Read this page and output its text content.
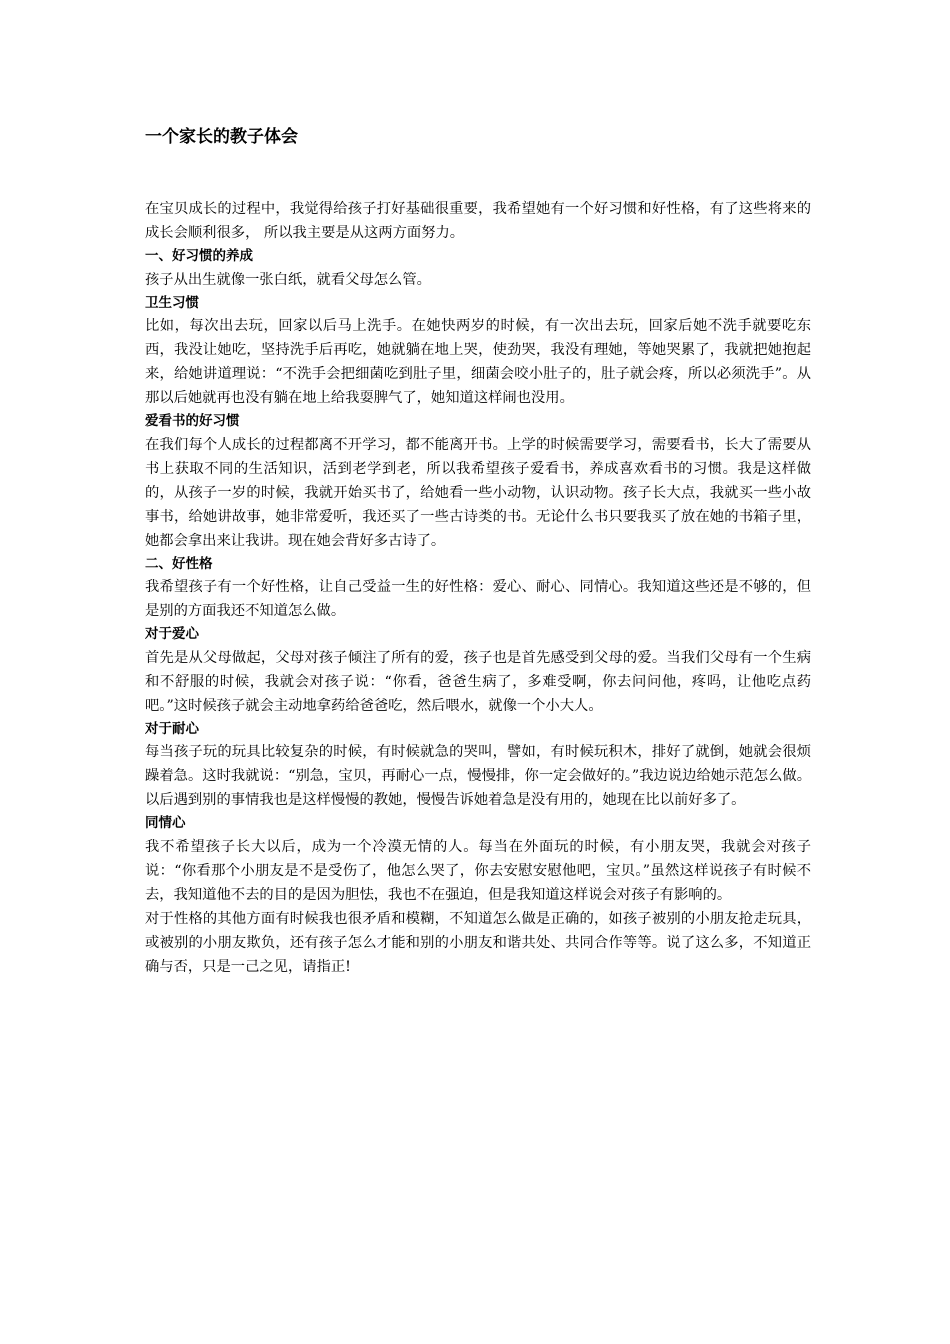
一个家长的教子体会

在宝贝成长的过程中，我觉得给孩子打好基础很重要，我希望她有一个好习惯和好性格，有了这些将来的成长会顺利很多， 所以我主要是从这两方面努力。

一、好习惯的养成

孩子从出生就像一张白纸，就看父母怎么管。

卫生习惯

比如，每次出去玩，回家以后马上洗手。在她快两岁的时候，有一次出去玩，回家后她不洗手就要吃东西，我没让她吃，坚持洗手后再吃，她就躺在地上哭，使劲哭，我没有理她，等她哭累了，我就把她抱起来，给她讲道理说：“不洗手会把细菌吃到肚子里，细菌会咬小肚子的，肚子就会疼，所以必须洗手”。从那以后她就再也没有躺在地上给我耍脾气了，她知道这样闹也没用。

爱看书的好习惯

在我们每个人成长的过程都离不开学习，都不能离开书。上学的时候需要学习，需要看书，长大了需要从书上获取不同的生活知识，活到老学到老，所以我希望孩子爱看书，养成喜欢看书的习惯。我是这样做的，从孩子一岁的时候，我就开始买书了，给她看一些小动物，认识动物。孩子长大点，我就买一些小故事书，给她讲故事，她非常爱听，我还买了一些古诗类的书。无论什么书只要我买了放在她的书箱子里，她都会拿出来让我讲。现在她会背好多古诗了。

二、好性格

我希望孩子有一个好性格，让自己受益一生的好性格：爱心、耐心、同情心。我知道这些还是不够的，但是别的方面我还不知道怎么做。

对于爱心

首先是从父母做起，父母对孩子倾注了所有的爱，孩子也是首先感受到父母的爱。当我们父母有一个生病和不舒服的时候，我就会对孩子说：“你看，爸爸生病了，多难受啊，你去问问他，疼吗，让他吃点药吧。”这时候孩子就会主动地拿药给爸爸吃，然后喂水，就像一个小大人。

对于耐心

每当孩子玩的玩具比较复杂的时候，有时候就急的哭叫，譬如，有时候玩积木，排好了就倒，她就会很烦躁着急。这时我就说：“别急，宝贝，再耐心一点，慢慢排，你一定会做好的。”我边说边给她示范怎么做。以后遇到别的事情我也是这样慢慢的教她，慢慢告诉她着急是没有用的，她现在比以前好多了。

同情心

我不希望孩子长大以后，成为一个冷漠无情的人。每当在外面玩的时候，有小朋友哭，我就会对孩子说：“你看那个小朋友是不是受伤了，他怎么哭了，你去安慰安慰他吧，宝贝。”虽然这样说孩子有时候不去，我知道他不去的目的是因为胆怯，我也不在强迫，但是我知道这样说会对孩子有影响的。

对于性格的其他方面有时候我也很矛盾和模糊，不知道怎么做是正确的，如孩子被别的小朋友抢走玩具，或被别的小朋友欺负，还有孩子怎么才能和别的小朋友和谐共处、共同合作等等。说了这么多，不知道正确与否，只是一己之见，请指正!
